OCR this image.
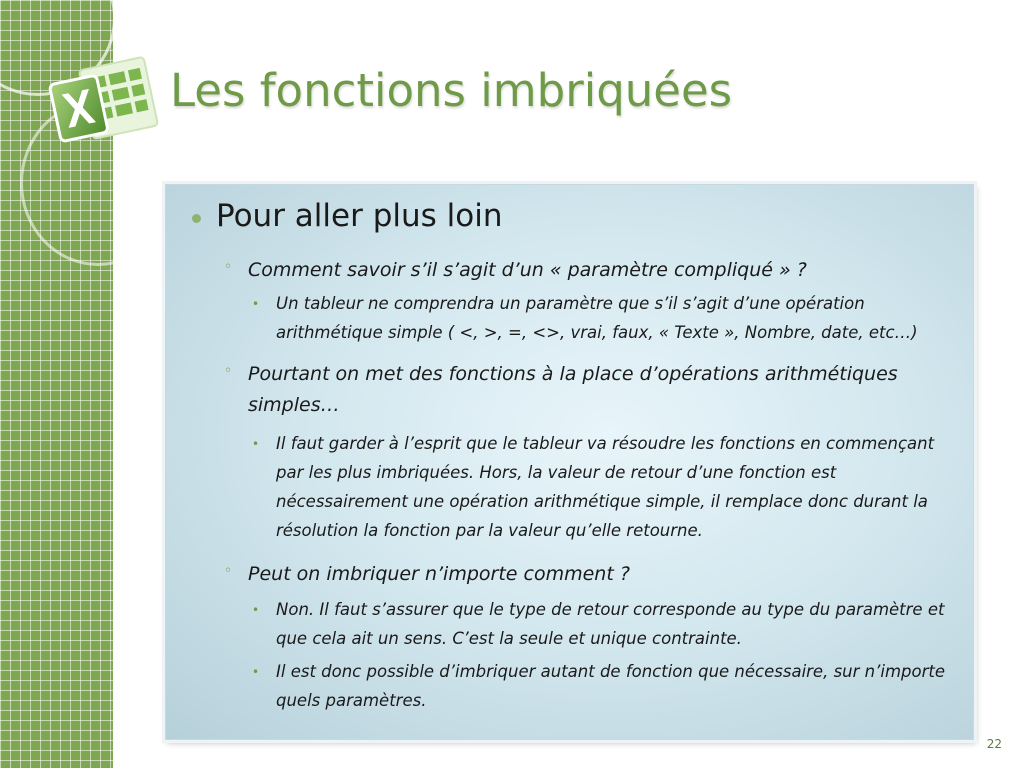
Les fonctions imbriquées
Pour aller plus loin
◦ Comment savoir s’il s’agit d’un « paramètre compliqué » ?

• Un tableur ne comprendra un paramètre que s’il s’agit d’une opération arithmétique simple ( <, >, =, <>, vrai, faux, « Texte », Nombre, date, etc…)

◦ Pourtant on met des fonctions à la place d’opérations arithmétiques simples…

• Il faut garder à l’esprit que le tableur va résoudre les fonctions en commençant par les plus imbriquées. Hors, la valeur de retour d’une fonction est nécessairement une opération arithmétique simple, il remplace donc durant la résolution la fonction par la valeur qu’elle retourne.

◦ Peut on imbriquer n’importe comment ?

• Non. Il faut s’assurer que le type de retour corresponde au type du paramètre et que cela ait un sens. C’est la seule et unique contrainte.

• Il est donc possible d’imbriquer autant de fonction que nécessaire, sur n’importe quels paramètres.

22
